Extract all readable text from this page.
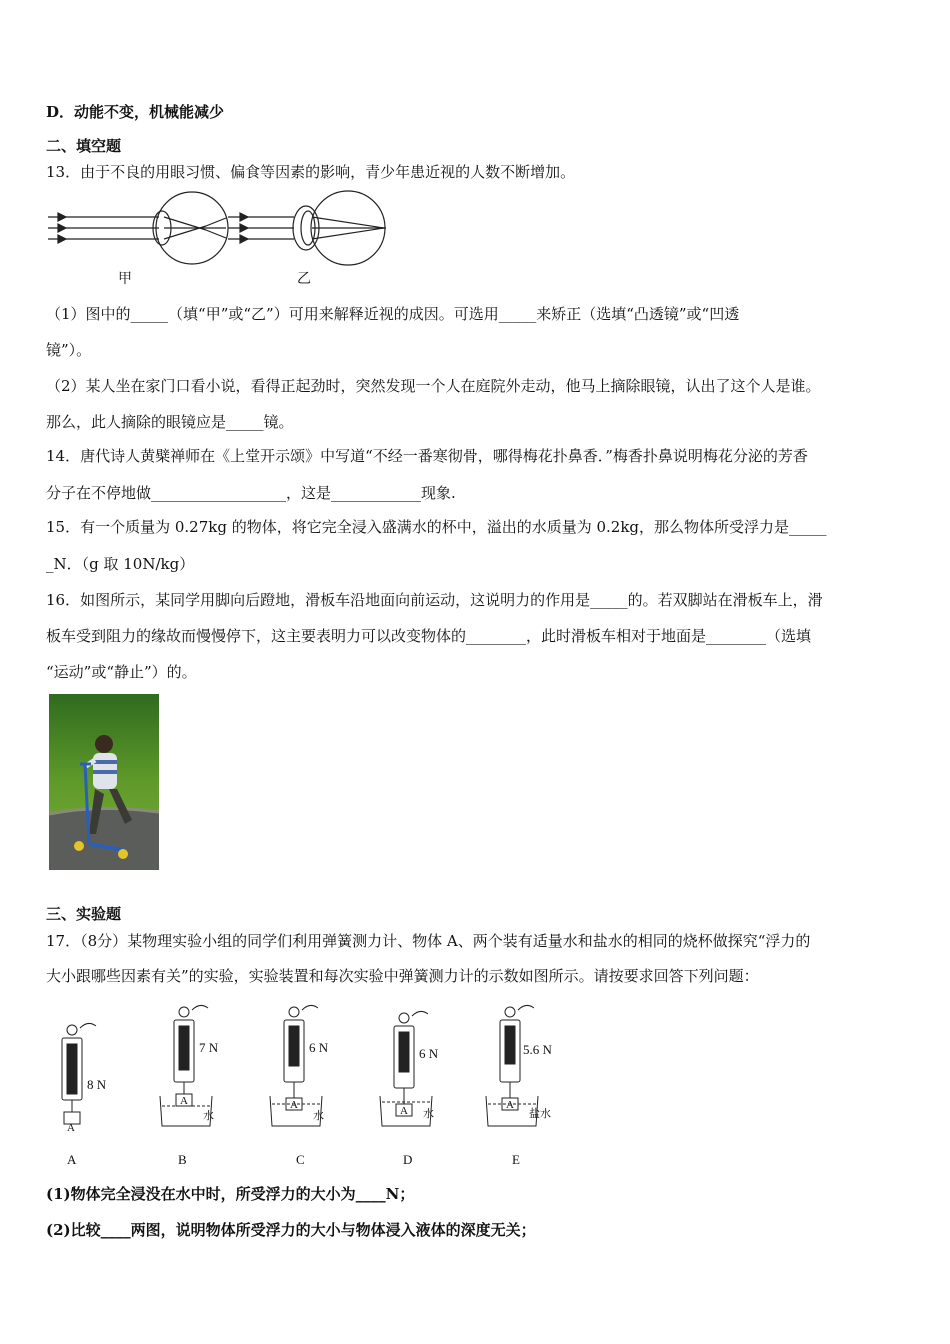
D．动能不变，机械能减少
二、填空题
13．由于不良的用眼习惯、偏食等因素的影响，青少年患近视的人数不断增加。
甲	乙
（1）图中的_____（填“甲”或“乙”）可用来解释近视的成因。可选用_____来矫正（选填“凸透镜”或“凹透
镜”）。
（2）某人坐在家门口看小说，看得正起劲时，突然发现一个人在庭院外走动，他马上摘除眼镜，认出了这个人是谁。
那么，此人摘除的眼镜应是_____镜。
14．唐代诗人黄檗禅师在《上堂开示颂》中写道“不经一番寒彻骨，哪得梅花扑鼻香．”梅香扑鼻说明梅花分泌的芳香
分子在不停地做__________________，这是____________现象.
15．有一个质量为 0.27kg 的物体，将它完全浸入盛满水的杯中，溢出的水质量为 0.2kg，那么物体所受浮力是_____
_N．（g 取 10N/kg）
16．如图所示，某同学用脚向后蹬地，滑板车沿地面向前运动，这说明力的作用是_____的。若双脚站在滑板车上，滑
板车受到阻力的缘故而慢慢停下，这主要表明力可以改变物体的________，此时滑板车相对于地面是________（选填
“运动”或“静止”）的。
三、实验题
17．（8分）某物理实验小组的同学们利用弹簧测力计、物体 A、两个装有适量水和盐水的相同的烧杯做探究“浮力的
大小跟哪些因素有关”的实验，实验装置和每次实验中弹簧测力计的示数如图所示。请按要求回答下列问题：
8 N
7 N	6 N	6 N	5.6 N
A
A	A	A	A
水	水	水	盐水
A	B	C	D	E
(1)物体完全浸没在水中时，所受浮力的大小为____N；
(2)比较____两图，说明物体所受浮力的大小与物体浸入液体的深度无关；
